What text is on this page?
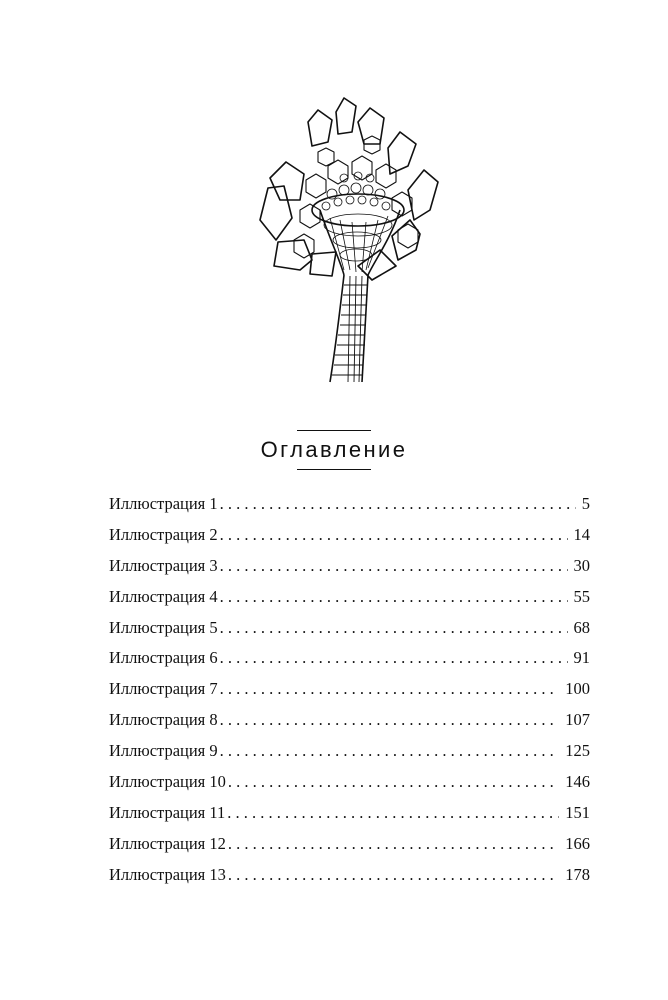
Оглавление
Иллюстрация 1 . . .	5
Иллюстрация 2 . . .	14
Иллюстрация 3 . . .	30
Иллюстрация 4 . . .	55
Иллюстрация 5 . . .	68
Иллюстрация 6 . . .	91
Иллюстрация 7 . . .	100
Иллюстрация 8 . . .	107
Иллюстрация 9 . . .	125
Иллюстрация 10 . . .	146
Иллюстрация 11 . . .	151
Иллюстрация 12 . . .	166
Иллюстрация 13 . . .	178
